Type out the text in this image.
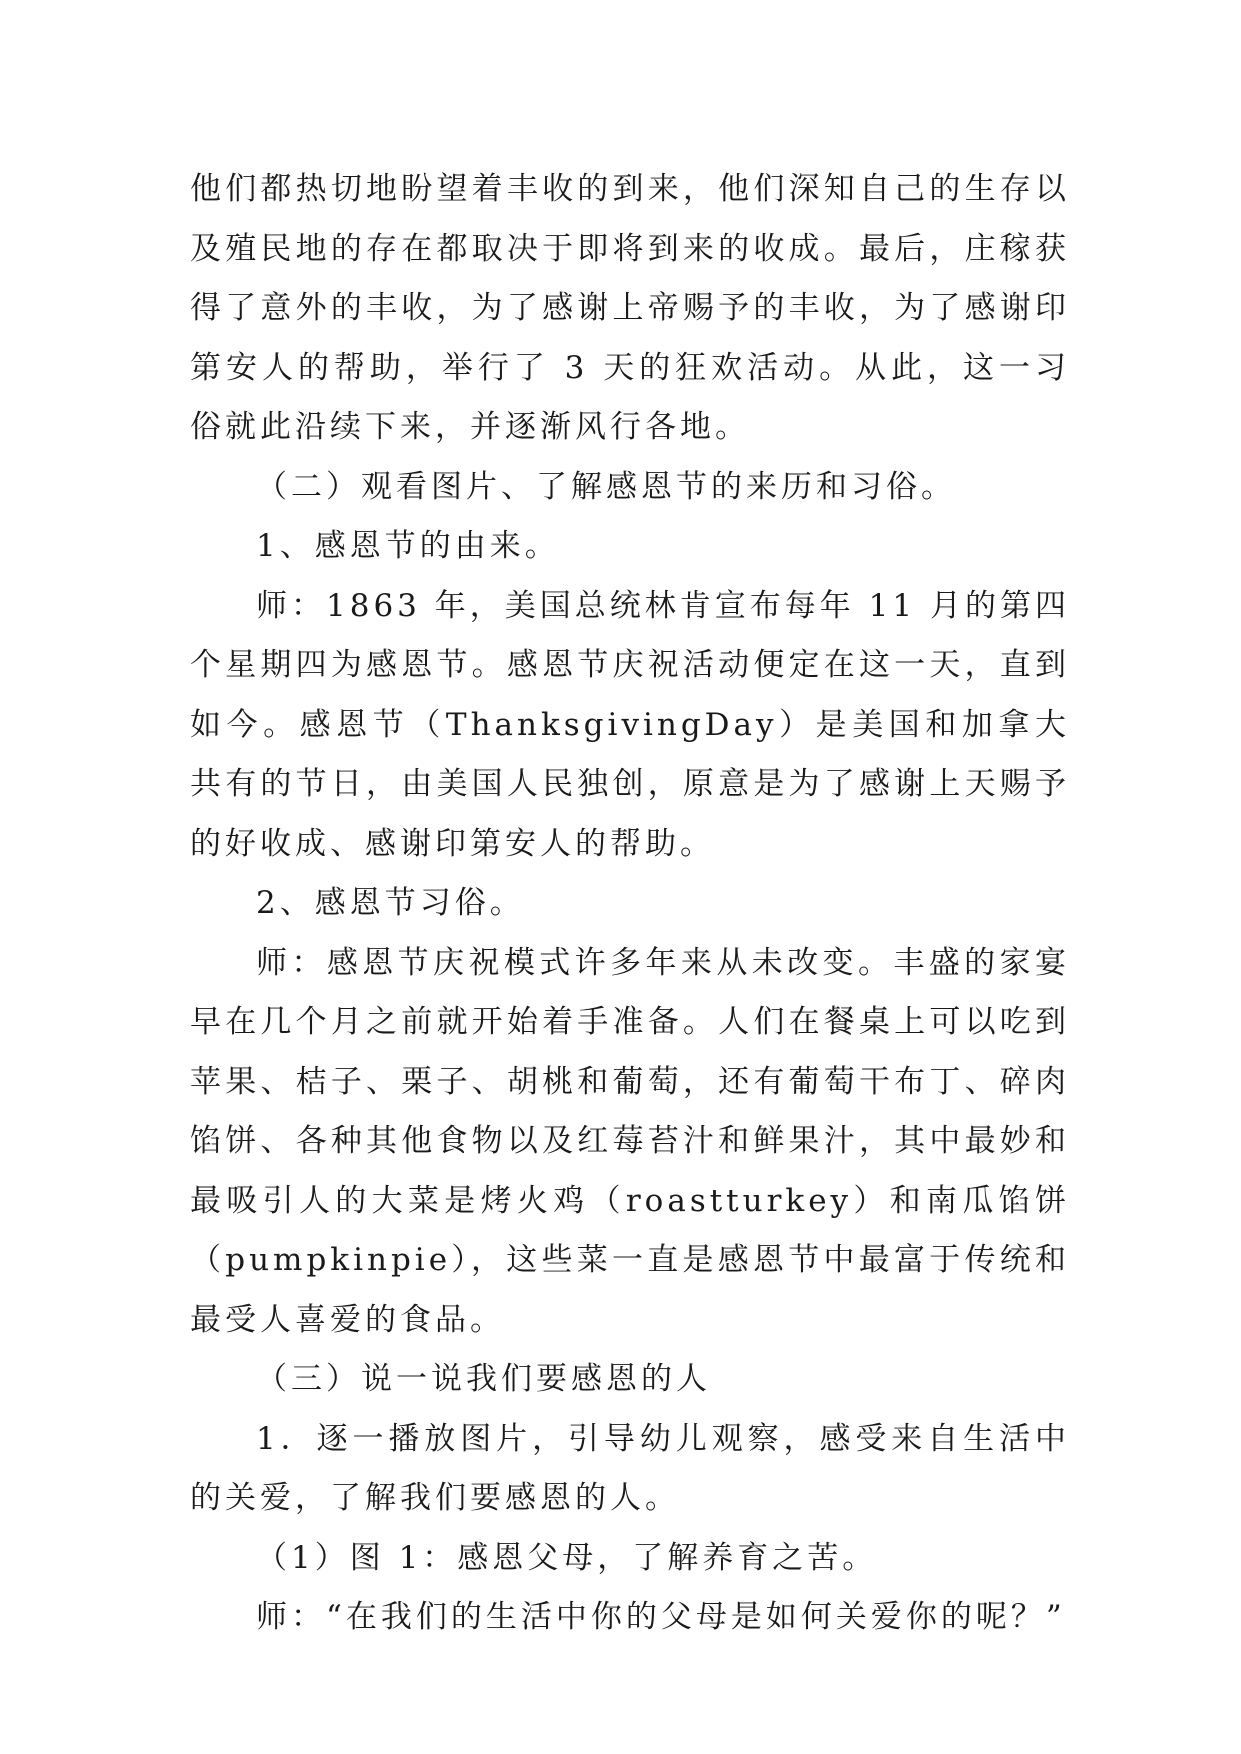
他们都热切地盼望着丰收的到来，他们深知自己的生存以及殖民地的存在都取决于即将到来的收成。最后，庄稼获得了意外的丰收，为了感谢上帝赐予的丰收，为了感谢印第安人的帮助，举行了 3 天的狂欢活动。从此，这一习俗就此沿续下来，并逐渐风行各地。

（二）观看图片、了解感恩节的来历和习俗。

1、感恩节的由来。

师：1863 年，美国总统林肯宣布每年 11 月的第四个星期四为感恩节。感恩节庆祝活动便定在这一天，直到如今。感恩节（ThanksgivingDay）是美国和加拿大共有的节日，由美国人民独创，原意是为了感谢上天赐予的好收成、感谢印第安人的帮助。

2、感恩节习俗。

师：感恩节庆祝模式许多年来从未改变。丰盛的家宴早在几个月之前就开始着手准备。人们在餐桌上可以吃到苹果、桔子、栗子、胡桃和葡萄，还有葡萄干布丁、碎肉馅饼、各种其他食物以及红莓苔汁和鲜果汁，其中最妙和最吸引人的大菜是烤火鸡（roastturkey）和南瓜馅饼（pumpkinpie），这些菜一直是感恩节中最富于传统和最受人喜爱的食品。

（三）说一说我们要感恩的人

1．逐一播放图片，引导幼儿观察，感受来自生活中的关爱，了解我们要感恩的人。

（1）图 1：感恩父母，了解养育之苦。

师：“在我们的生活中你的父母是如何关爱你的呢？”
